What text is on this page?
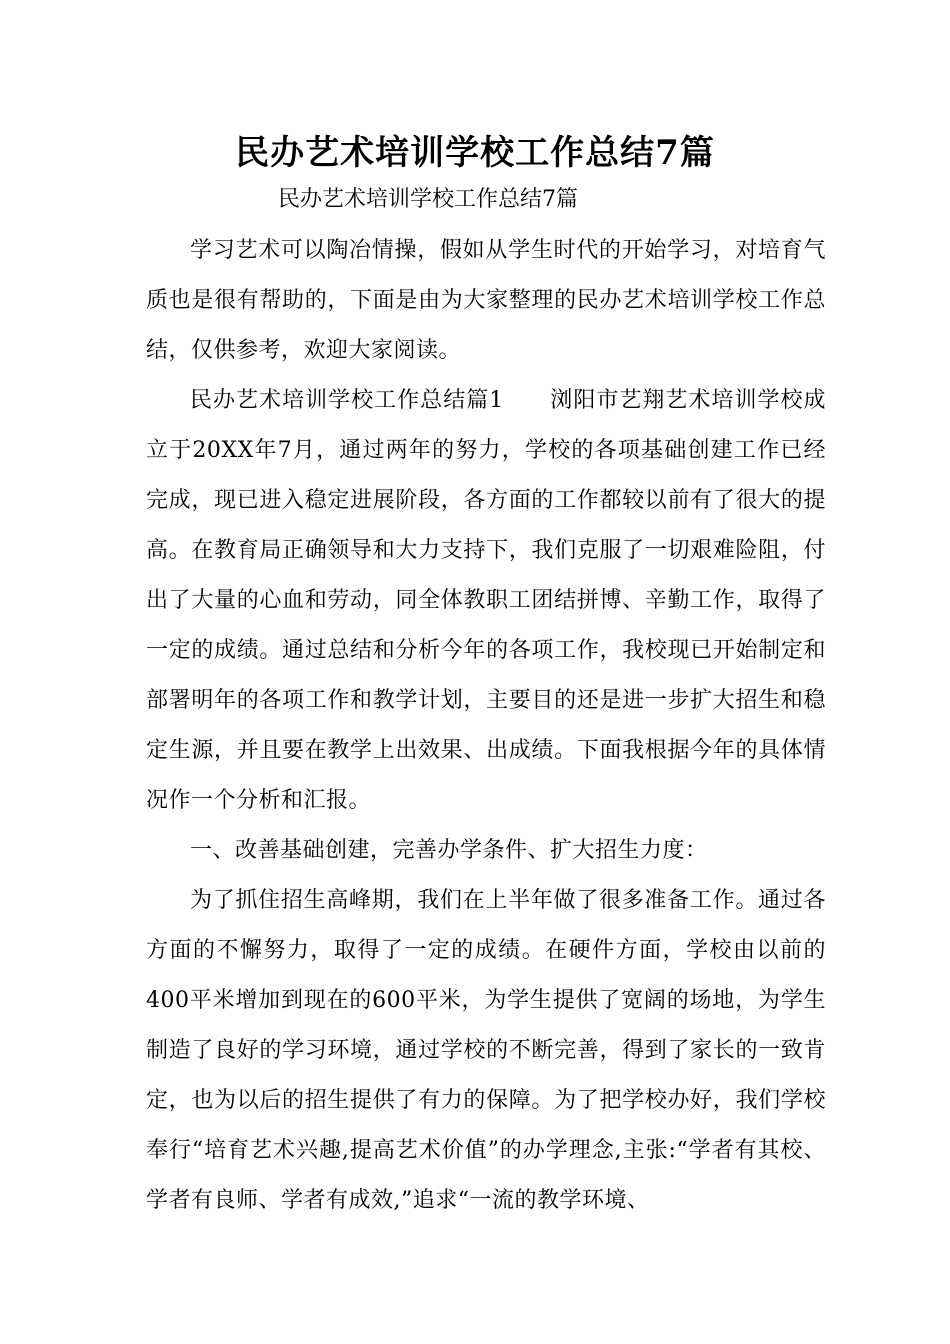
民办艺术培训学校工作总结7篇
民办艺术培训学校工作总结7篇

学习艺术可以陶冶情操，假如从学生时代的开始学习，对培育气质也是很有帮助的，下面是由为大家整理的民办艺术培训学校工作总结，仅供参考，欢迎大家阅读。

民办艺术培训学校工作总结篇1　　浏阳市艺翔艺术培训学校成立于20XX年7月，通过两年的努力，学校的各项基础创建工作已经完成，现已进入稳定进展阶段，各方面的工作都较以前有了很大的提高。在教育局正确领导和大力支持下，我们克服了一切艰难险阻，付出了大量的心血和劳动，同全体教职工团结拼博、辛勤工作，取得了一定的成绩。通过总结和分析今年的各项工作，我校现已开始制定和部署明年的各项工作和教学计划，主要目的还是进一步扩大招生和稳定生源，并且要在教学上出效果、出成绩。下面我根据今年的具体情况作一个分析和汇报。

一、改善基础创建，完善办学条件、扩大招生力度：

为了抓住招生高峰期，我们在上半年做了很多准备工作。通过各方面的不懈努力，取得了一定的成绩。在硬件方面，学校由以前的400平米增加到现在的600平米，为学生提供了宽阔的场地，为学生制造了良好的学习环境，通过学校的不断完善，得到了家长的一致肯定，也为以后的招生提供了有力的保障。为了把学校办好，我们学校奉行“培育艺术兴趣,提高艺术价值”的办学理念,主张:“学者有其校、学者有良师、学者有成效,”追求“一流的教学环境、
